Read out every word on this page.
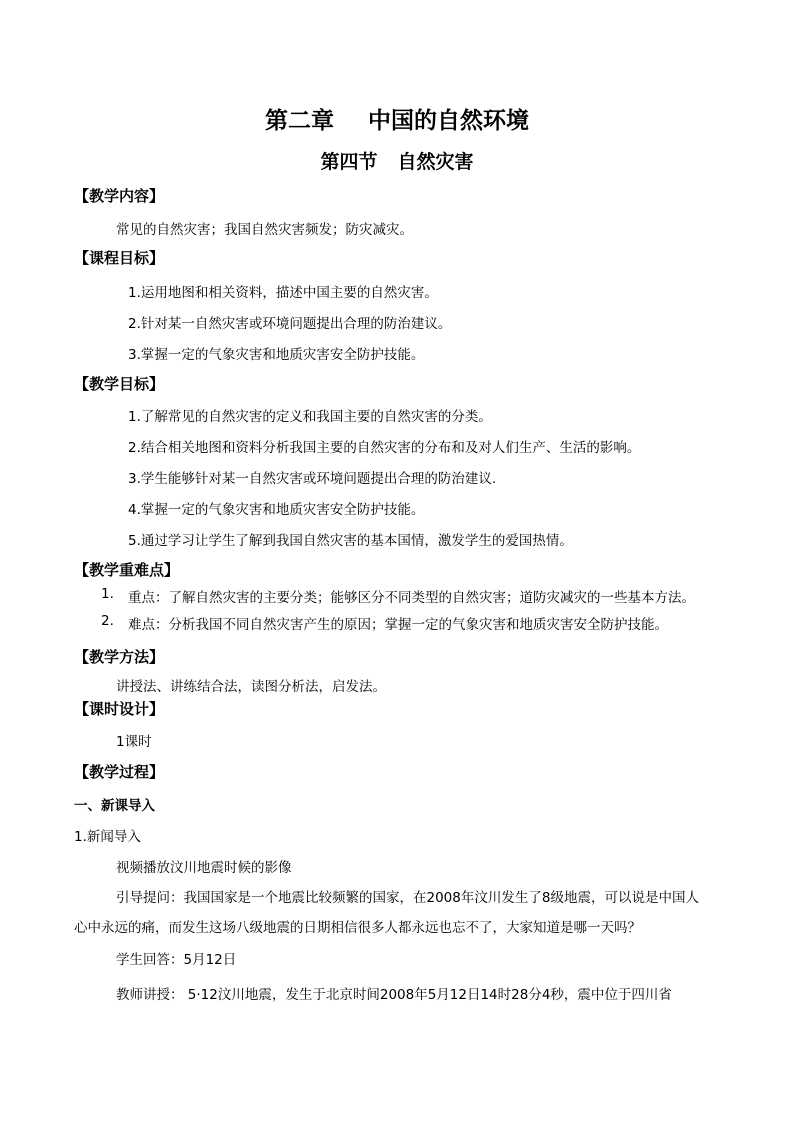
第二章 中国的自然环境
第四节 自然灾害
【教学内容】
常见的自然灾害；我国自然灾害频发；防灾减灾。
【课程目标】
1.运用地图和相关资料，描述中国主要的自然灾害。
2.针对某一自然灾害或环境问题提出合理的防治建议。
3.掌握一定的气象灾害和地质灾害安全防护技能。
【教学目标】
1.了解常见的自然灾害的定义和我国主要的自然灾害的分类。
2.结合相关地图和资料分析我国主要的自然灾害的分布和及对人们生产、生活的影响。
3.学生能够针对某一自然灾害或环境问题提出合理的防治建议.
4.掌握一定的气象灾害和地质灾害安全防护技能。
5.通过学习让学生了解到我国自然灾害的基本国情，激发学生的爱国热情。
【教学重难点】
1. 重点：了解自然灾害的主要分类；能够区分不同类型的自然灾害；道防灾减灾的一些基本方法。
2. 难点：分析我国不同自然灾害产生的原因；掌握一定的气象灾害和地质灾害安全防护技能。
【教学方法】
讲授法、讲练结合法，读图分析法，启发法。
【课时设计】
1课时
【教学过程】
一、新课导入
1.新闻导入
视频播放汶川地震时候的影像
引导提问：我国国家是一个地震比较频繁的国家，在2008年汶川发生了8级地震，可以说是中国人
心中永远的痛，而发生这场八级地震的日期相信很多人都永远也忘不了，大家知道是哪一天吗？
学生回答：5月12日
教师讲授： 5·12汶川地震，发生于北京时间2008年5月12日14时28分4秒，震中位于四川省
